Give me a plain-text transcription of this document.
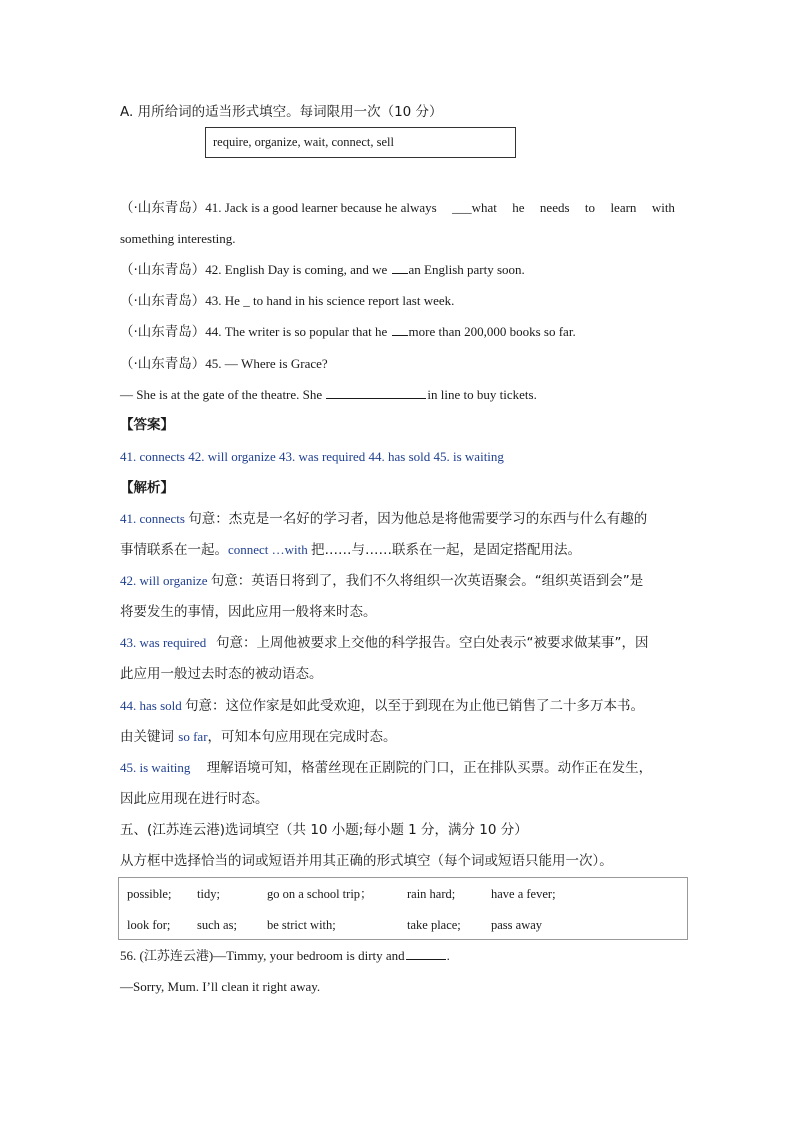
A. 用所给词的适当形式填空。每词限用一次（10 分）
require, organize, wait, connect, sell
（·山东青岛）41. Jack is a good learner because he always ___what he needs to learn with
something interesting.
（·山东青岛）42. English Day is coming, and we an English party soon.
（·山东青岛）43. He _ to hand in his science report last week.
（·山东青岛）44. The writer is so popular that he more than 200,000 books so far.
（·山东青岛）45. — Where is Grace?
— She is at the gate of the theatre. She	in line to buy tickets.
【答案】
41. connects 42. will organize 43. was required 44. has sold 45. is waiting
【解析】
41. connects 句意：杰克是一名好的学习者，因为他总是将他需要学习的东西与什么有趣的
事情联系在一起。connect …with 把……与……联系在一起，是固定搭配用法。
42. will organize 句意：英语日将到了，我们不久将组织一次英语聚会。“组织英语到会”是
将要发生的事情，因此应用一般将来时态。
43. was required   句意：上周他被要求上交他的科学报告。空白处表示“被要求做某事”，因
此应用一般过去时态的被动语态。
44. has sold 句意：这位作家是如此受欢迎，以至于到现在为止他已销售了二十多万本书。
由关键词 so far，可知本句应用现在完成时态。
45. is waiting     理解语境可知，格蕾丝现在正剧院的门口，正在排队买票。动作正在发生，
因此应用现在进行时态。
五、(江苏连云港)选词填空（共 10 小题;每小题 1 分，满分 10 分）
从方框中选择恰当的词或短语并用其正确的形式填空（每个词或短语只能用一次）。
possible; tidy;	go on a school trip；	rain hard;	have a fever;
look for; such as; be strict with;	take place; pass away
56. (江苏连云港)—Timmy, your bedroom is dirty and	.
—Sorry, Mum. I’ll clean it right away.
